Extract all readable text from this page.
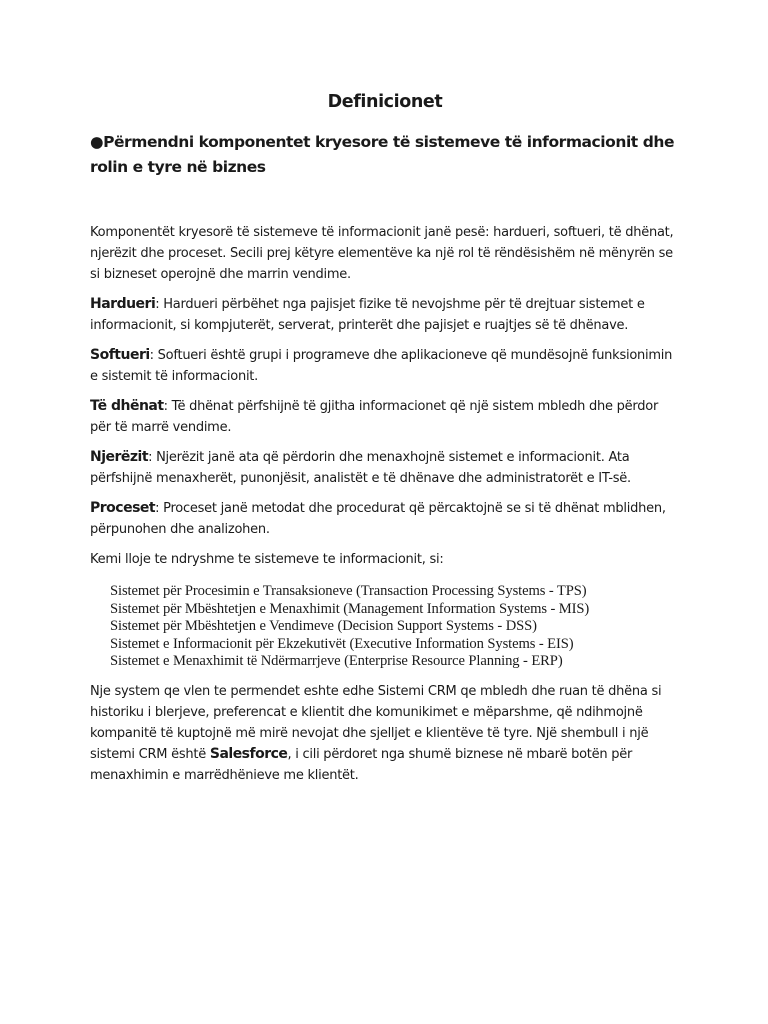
Definicionet
●Përmendni komponentet kryesore të sistemeve të informacionit dhe rolin e tyre në biznes

Komponentët kryesorë të sistemeve të informacionit janë pesë: hardueri, softueri, të dhënat, njerëzit dhe proceset. Secili prej këtyre elementëve ka një rol të rëndësishëm në mënyrën se si bizneset operojnë dhe marrin vendime.

Hardueri: Hardueri përbëhet nga pajisjet fizike të nevojshme për të drejtuar sistemet e informacionit, si kompjuterët, serverat, printerët dhe pajisjet e ruajtjes së të dhënave.

Softueri: Softueri është grupi i programeve dhe aplikacioneve që mundësojnë funksionimin e sistemit të informacionit.

Të dhënat: Të dhënat përfshijnë të gjitha informacionet që një sistem mbledh dhe përdor për të marrë vendime.

Njerëzit: Njerëzit janë ata që përdorin dhe menaxhojnë sistemet e informacionit. Ata përfshijnë menaxherët, punonjësit, analistët e të dhënave dhe administratorët e IT-së.

Proceset: Proceset janë metodat dhe procedurat që përcaktojnë se si të dhënat mblidhen, përpunohen dhe analizohen.

Kemi lloje te ndryshme te sistemeve te informacionit, si:

Sistemet për Procesimin e Transaksioneve (Transaction Processing Systems - TPS)
Sistemet për Mbështetjen e Menaxhimit (Management Information Systems - MIS)
Sistemet për Mbështetjen e Vendimeve (Decision Support Systems - DSS)
Sistemet e Informacionit për Ekzekutivët (Executive Information Systems - EIS)
Sistemet e Menaxhimit të Ndërmarrjeve (Enterprise Resource Planning - ERP)

Nje system qe vlen te permendet eshte edhe Sistemi CRM qe mbledh dhe ruan të dhëna si historiku i blerjeve, preferencat e klientit dhe komunikimet e mëparshme, që ndihmojnë kompanitë të kuptojnë më mirë nevojat dhe sjelljet e klientëve të tyre. Një shembull i një sistemi CRM është Salesforce, i cili përdoret nga shumë biznese në mbarë botën për menaxhimin e marrëdhënieve me klientët.
